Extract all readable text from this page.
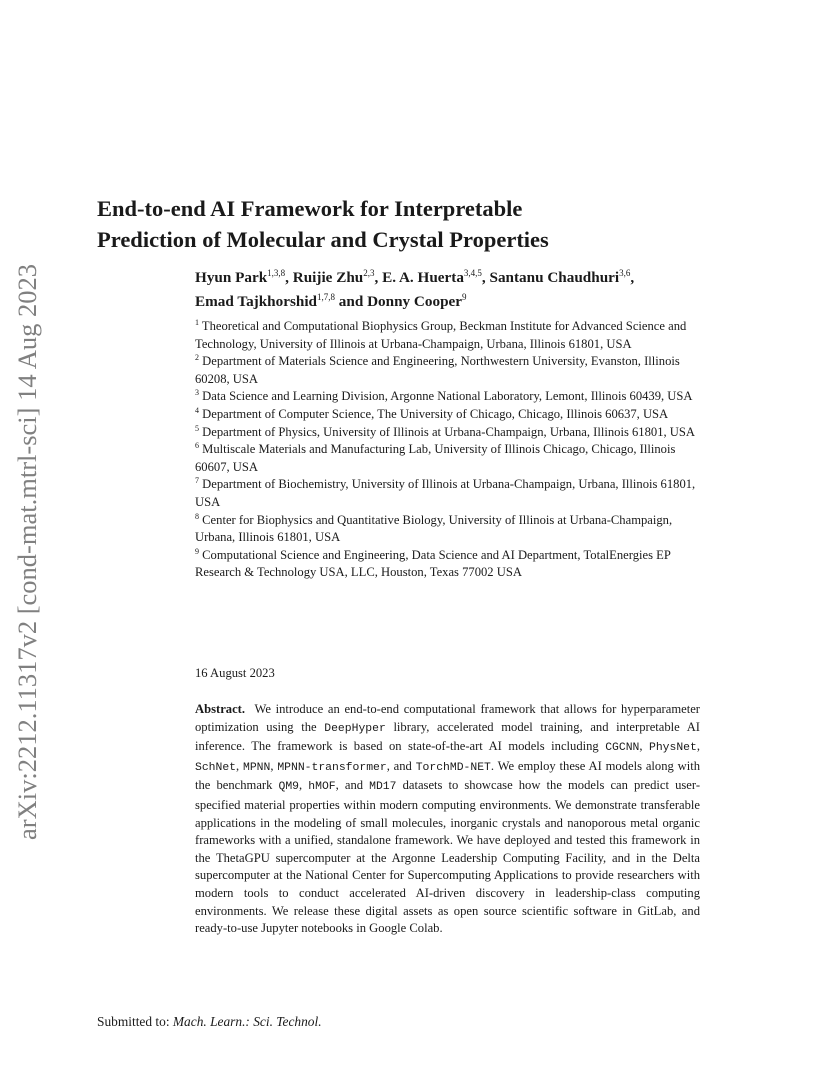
arXiv:2212.11317v2 [cond-mat.mtrl-sci] 14 Aug 2023
End-to-end AI Framework for Interpretable
Prediction of Molecular and Crystal Properties

Hyun Park$^{1,3,8}$, Ruijie Zhu$^{2,3}$, E. A. Huerta$^{3,4,5}$, Santanu Chaudhuri$^{3,6}$, Emad Tajkhorshid$^{1,7,8}$ and Donny Cooper$^9$

$^1$ Theoretical and Computational Biophysics Group, Beckman Institute for Advanced Science and Technology, University of Illinois at Urbana-Champaign, Urbana, Illinois 61801, USA

$^2$ Department of Materials Science and Engineering, Northwestern University, Evanston, Illinois 60208, USA

$^3$ Data Science and Learning Division, Argonne National Laboratory, Lemont, Illinois 60439, USA

$^4$ Department of Computer Science, The University of Chicago, Chicago, Illinois 60637, USA

$^5$ Department of Physics, University of Illinois at Urbana-Champaign, Urbana, Illinois 61801, USA

$^6$ Multiscale Materials and Manufacturing Lab, University of Illinois Chicago, Chicago, Illinois 60607, USA

$^7$ Department of Biochemistry, University of Illinois at Urbana-Champaign, Urbana, Illinois 61801, USA

$^8$ Center for Biophysics and Quantitative Biology, University of Illinois at Urbana-Champaign, Urbana, Illinois 61801, USA

$^9$ Computational Science and Engineering, Data Science and AI Department, TotalEnergies EP Research & Technology USA, LLC, Houston, Texas 77002 USA

16 August 2023

Abstract. We introduce an end-to-end computational framework that allows for hyperparameter optimization using the DeepHyper library, accelerated model training, and interpretable AI inference. The framework is based on state-of-the-art AI models including CGCNN, PhysNet, SchNet, MPNN, MPNN-transformer, and TorchMD-NET. We employ these AI models along with the benchmark QM9, hMOF, and MD17 datasets to showcase how the models can predict user-specified material properties within modern computing environments. We demonstrate transferable applications in the modeling of small molecules, inorganic crystals and nanoporous metal organic frameworks with a unified, standalone framework. We have deployed and tested this framework in the ThetaGPU supercomputer at the Argonne Leadership Computing Facility, and in the Delta supercomputer at the National Center for Supercomputing Applications to provide researchers with modern tools to conduct accelerated AI-driven discovery in leadership-class computing environments. We release these digital assets as open source scientific software in GitLab, and ready-to-use Jupyter notebooks in Google Colab.

Submitted to: Mach. Learn.: Sci. Technol.
